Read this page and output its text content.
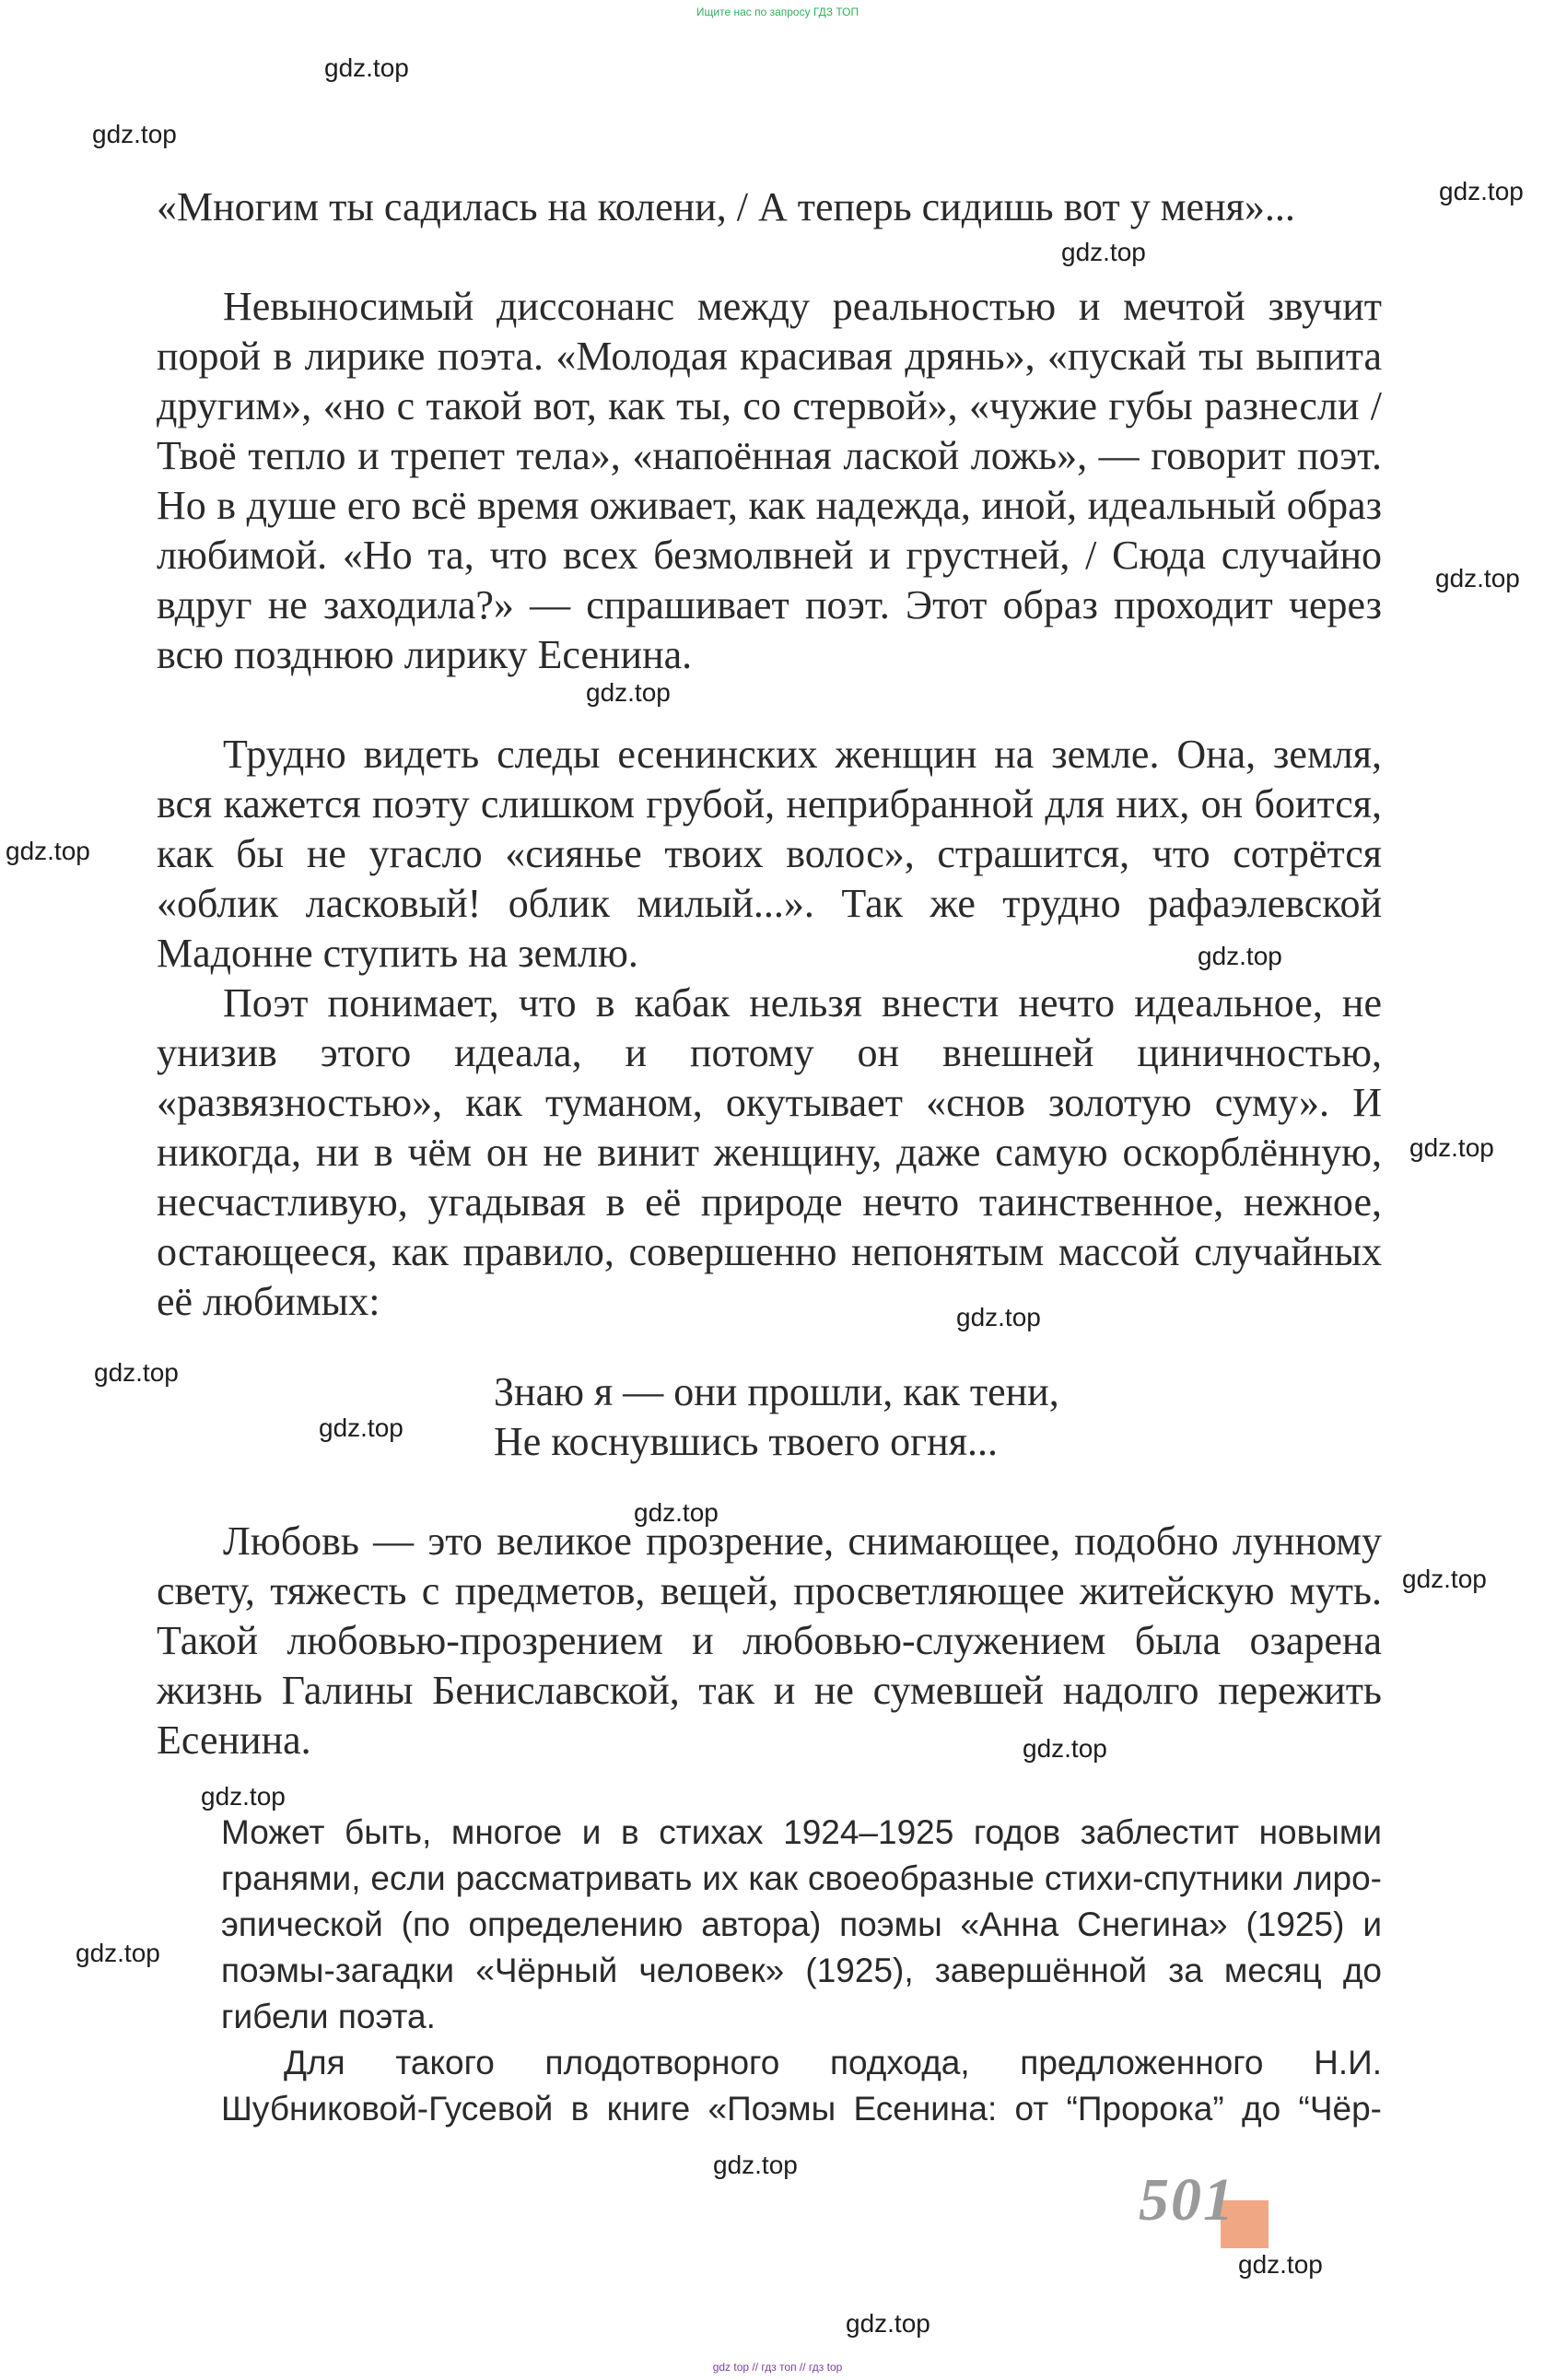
Ищите нас по запросу ГДЗ ТОП
gdz.top
gdz.top
gdz.top
gdz.top
gdz.top
gdz.top
gdz.top
gdz.top
gdz.top
gdz.top
gdz.top
gdz.top
gdz.top
gdz.top
gdz.top
gdz.top
gdz.top
gdz.top
gdz.top
gdz.top
«Многим ты садилась на колени, / А теперь сидишь вот у меня»...
Невыносимый диссонанс между реальностью и мечтой звучит порой в лирике поэта. «Молодая красивая дрянь», «пускай ты выпита другим», «но с такой вот, как ты, со стервой», «чужие губы разнесли / Твоё тепло и трепет тела», «напоённая лаской ложь», — говорит поэт. Но в душе его всё время оживает, как надежда, иной, идеальный образ любимой. «Но та, что всех безмолвней и грустней, / Сюда случайно вдруг не заходила?» — спрашивает поэт. Этот образ проходит через всю позднюю лирику Есенина.
Трудно видеть следы есенинских женщин на земле. Она, земля, вся кажется поэту слишком грубой, неприбранной для них, он боится, как бы не угасло «сиянье твоих волос», страшится, что сотрётся «облик ласковый! облик милый...». Так же трудно рафаэлевской Мадонне ступить на землю.
Поэт понимает, что в кабак нельзя внести нечто идеальное, не унизив этого идеала, и потому он внешней циничностью, «развязностью», как туманом, окутывает «снов золотую суму». И никогда, ни в чём он не винит женщину, даже самую оскорблённую, несчастливую, угадывая в её природе нечто таинственное, нежное, остающееся, как правило, совершенно непонятым массой случайных её любимых:
Знаю я — они прошли, как тени,
Не коснувшись твоего огня...
Любовь — это великое прозрение, снимающее, подобно лунному свету, тяжесть с предметов, вещей, просветляющее житейскую муть. Такой любовью-прозрением и любовью-служением была озарена жизнь Галины Бениславской, так и не сумевшей надолго пережить Есенина.
Может быть, многое и в стихах 1924–1925 годов заблестит новыми гранями, если рассматривать их как своеобразные стихи-спутники лиро-эпической (по определению автора) поэмы «Анна Снегина» (1925) и поэмы-загадки «Чёрный человек» (1925), завершённой за месяц до гибели поэта.
Для такого плодотворного подхода, предложенного Н.И. Шубниковой-Гусевой в книге «Поэмы Есенина: от “Пророка” до “Чёр-
501
gdz top // гдз топ // гдз top
